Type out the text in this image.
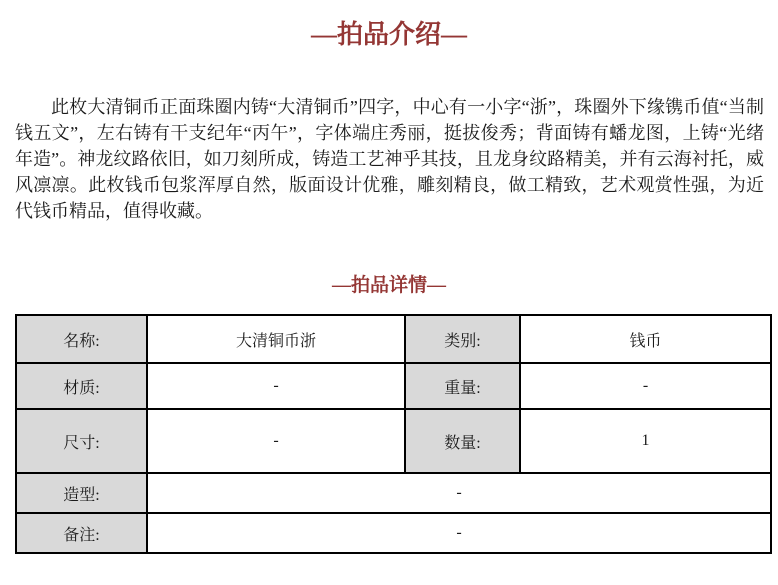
—拍品介绍—

此枚大清铜币正面珠圈内铸“大清铜币”四字，中心有一小字“浙”，珠圈外下缘镌币值“当制钱五文”，左右铸有干支纪年“丙午”，字体端庄秀丽，挺拔俊秀；背面铸有蟠龙图，上铸“光绪年造”。神龙纹路依旧，如刀刻所成，铸造工艺神乎其技，且龙身纹路精美，并有云海衬托，威风凛凛。此枚钱币包浆浑厚自然，版面设计优雅，雕刻精良，做工精致，艺术观赏性强，为近代钱币精品，值得收藏。

—拍品详情—
名称:	大清铜币浙	类别:	钱币
材质:	-	重量:	-
尺寸:	-	数量:	1
造型:	-		
备注:	-		
